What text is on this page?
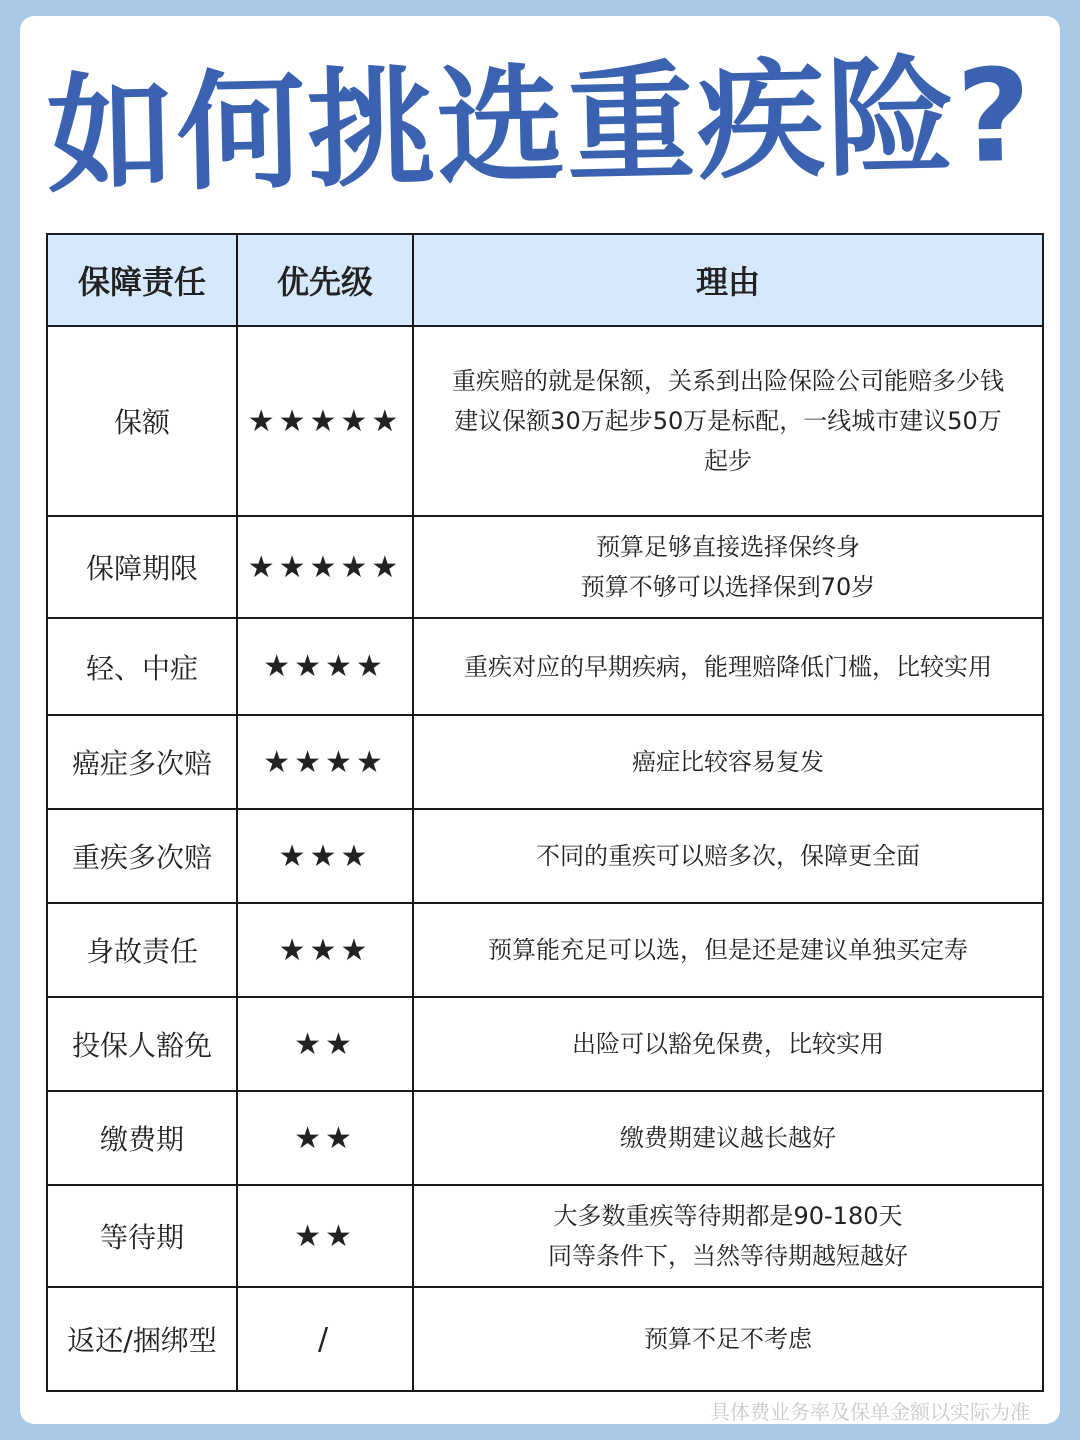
如何挑选重疾险?
保障责任	优先级	理由
保额	★★★★★	重疾赔的就是保额，关系到出险保险公司能赔多少钱
建议保额30万起步50万是标配，一线城市建议50万
起步

保障期限	★★★★★	预算足够直接选择保终身
预算不够可以选择保到70岁

轻、中症	★★★★	重疾对应的早期疾病，能理赔降低门槛，比较实用

癌症多次赔	★★★★	癌症比较容易复发

重疾多次赔	★★★	不同的重疾可以赔多次，保障更全面

身故责任	★★★	预算能充足可以选，但是还是建议单独买定寿

投保人豁免	★★	出险可以豁免保费，比较实用

缴费期	★★	缴费期建议越长越好

等待期	★★	大多数重疾等待期都是90-180天
同等条件下，当然等待期越短越好

返还/捆绑型	/	预算不足不考虑
具体费业务率及保单金额以实际为准
